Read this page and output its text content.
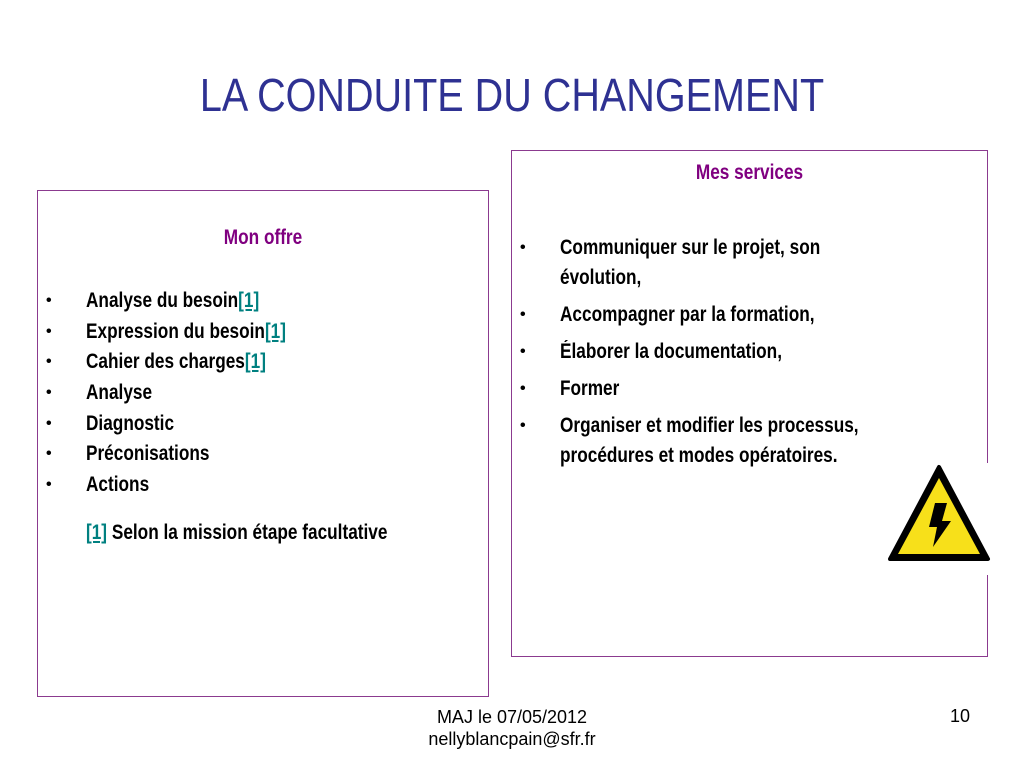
LA CONDUITE DU CHANGEMENT
Mon offre
• Analyse du besoin[1]
• Expression du besoin[1]
• Cahier des charges[1]
• Analyse
• Diagnostic
• Préconisations
• Actions
[1] Selon la mission étape facultative
Mes services
• Communiquer sur le projet, son évolution,
• Accompagner par la formation,
• Élaborer la documentation,
• Former
• Organiser et modifier les processus, procédures et modes opératoires.
MAJ le 07/05/2012
nellyblancpain@sfr.fr
10
